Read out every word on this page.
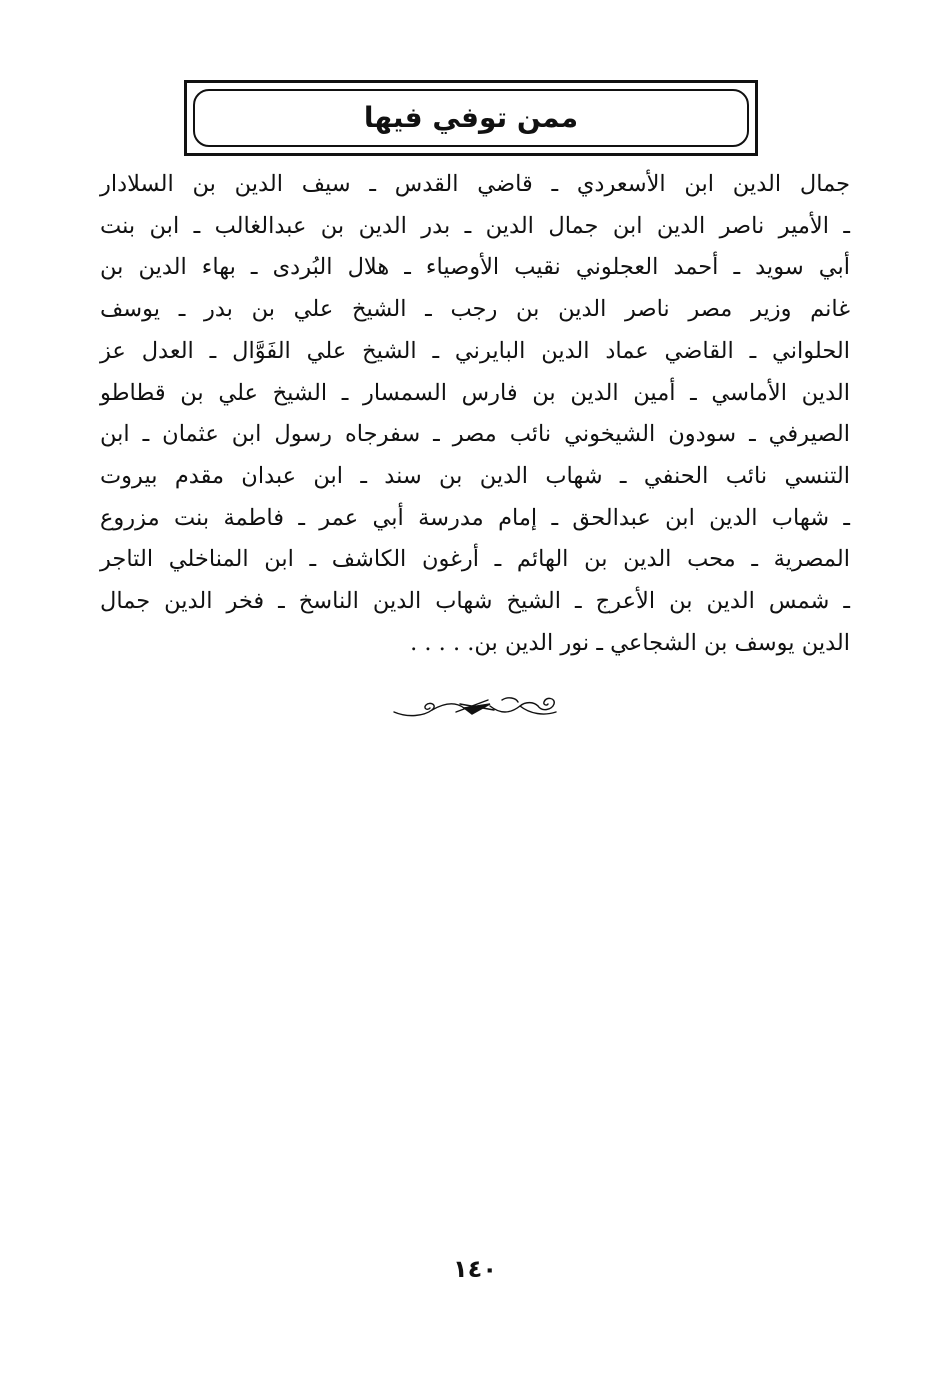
ممن توفي فيها
جمال الدين ابن الأسعردي ـ قاضي القدس ـ سيف الدين بن السلادار
ـ الأمير ناصر الدين ابن جمال الدين ـ بدر الدين بن عبدالغالب ـ ابن بنت
أبي سويد ـ أحمد العجلوني نقيب الأوصياء ـ هلال البُردى ـ بهاء الدين بن
غانم وزير مصر ناصر الدين بن رجب ـ الشيخ علي بن بدر ـ يوسف
الحلواني ـ القاضي عماد الدين البايرني ـ الشيخ علي الفَوَّال ـ العدل عز
الدين الأماسي ـ أمين الدين بن فارس السمسار ـ الشيخ علي بن قطاطو
الصيرفي ـ سودون الشيخوني نائب مصر ـ سفرجاه رسول ابن عثمان ـ ابن
التنسي نائب الحنفي ـ شهاب الدين بن سند ـ ابن عبدان مقدم بيروت
ـ شهاب الدين ابن عبدالحق ـ إمام مدرسة أبي عمر ـ فاطمة بنت مزروع
المصرية ـ محب الدين بن الهائم ـ أرغون الكاشف ـ ابن المناخلي التاجر
ـ شمس الدين بن الأعرج ـ الشيخ شهاب الدين الناسخ ـ فخر الدين جمال
الدين يوسف بن الشجاعي ـ نور الدين بن. . . . .
١٤٠
